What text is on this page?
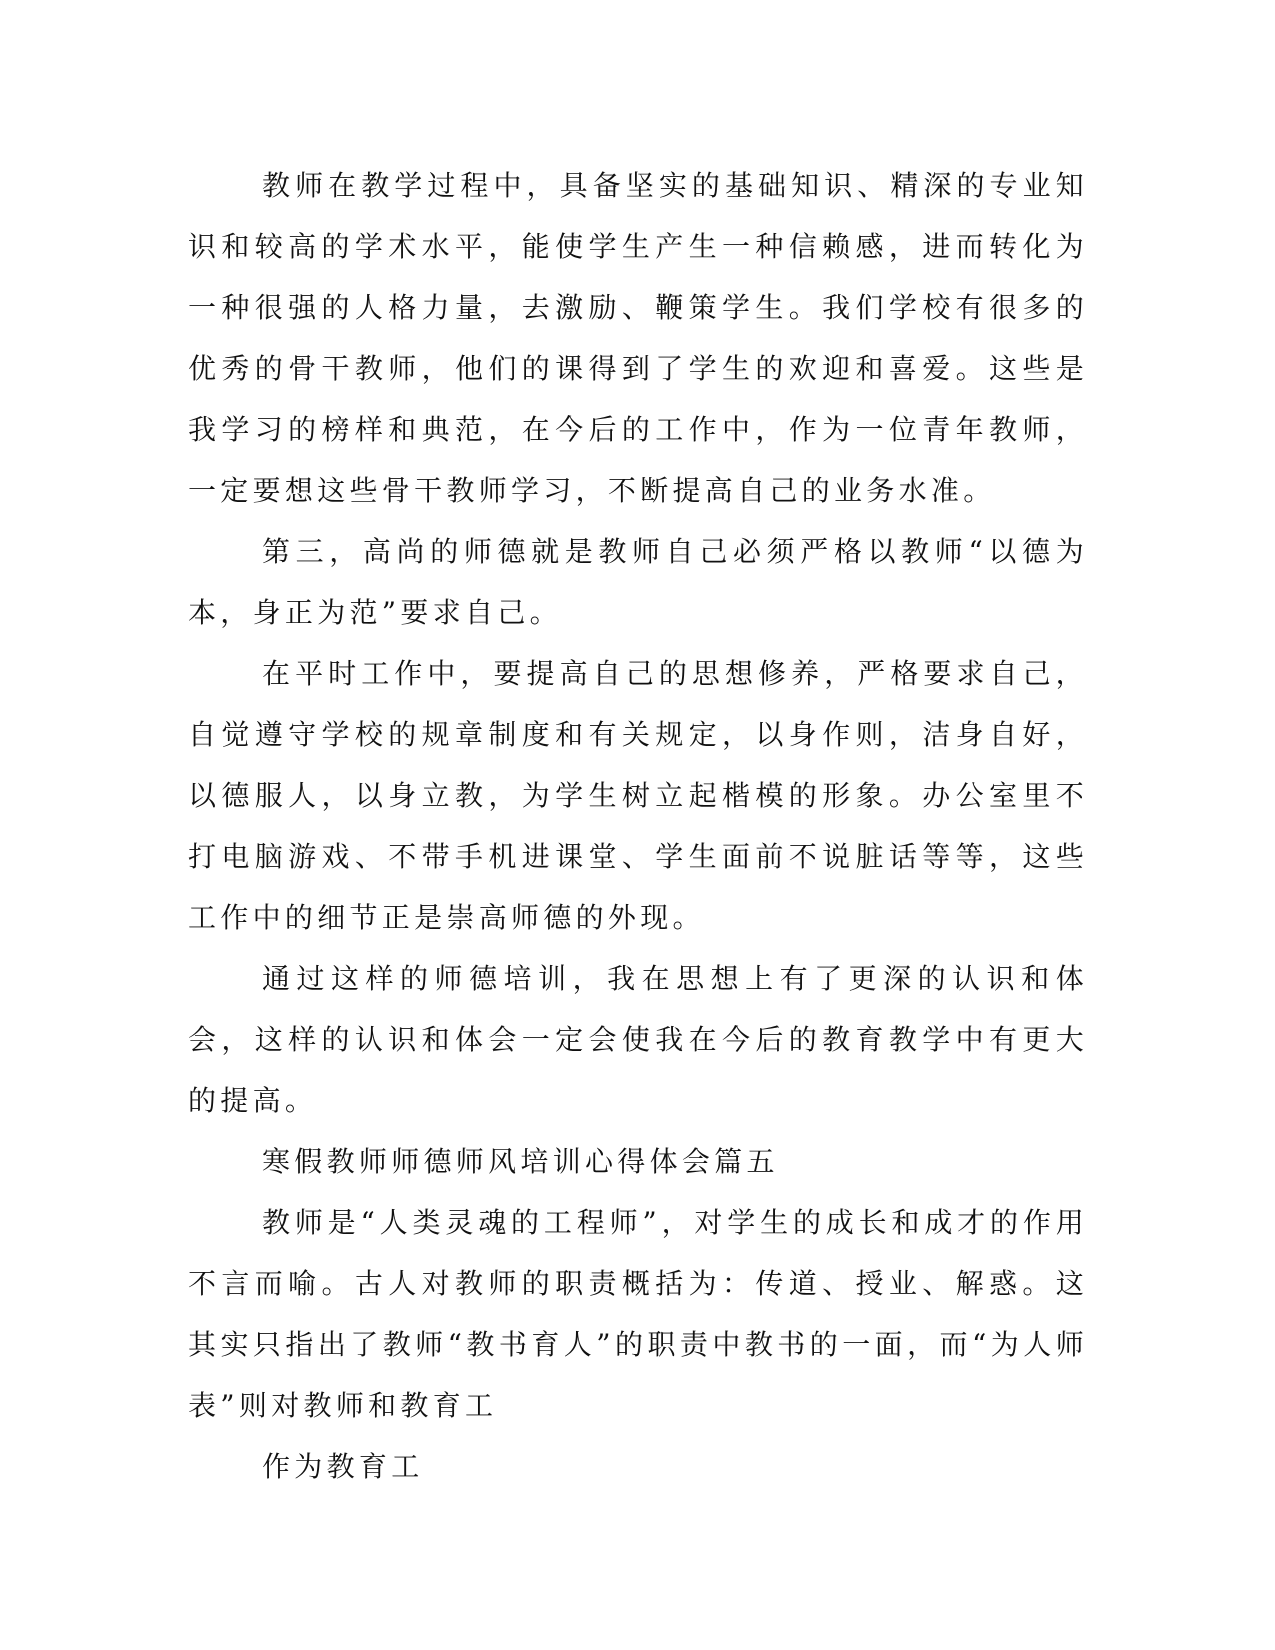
教师在教学过程中，具备坚实的基础知识、精深的专业知识和较高的学术水平，能使学生产生一种信赖感，进而转化为一种很强的人格力量，去激励、鞭策学生。我们学校有很多的优秀的骨干教师，他们的课得到了学生的欢迎和喜爱。这些是我学习的榜样和典范，在今后的工作中，作为一位青年教师，一定要想这些骨干教师学习，不断提高自己的业务水准。

第三，高尚的师德就是教师自己必须严格以教师“以德为本，身正为范”要求自己。

在平时工作中，要提高自己的思想修养，严格要求自己，自觉遵守学校的规章制度和有关规定，以身作则，洁身自好，以德服人，以身立教，为学生树立起楷模的形象。办公室里不打电脑游戏、不带手机进课堂、学生面前不说脏话等等，这些工作中的细节正是崇高师德的外现。

通过这样的师德培训，我在思想上有了更深的认识和体会，这样的认识和体会一定会使我在今后的教育教学中有更大的提高。

寒假教师师德师风培训心得体会篇五

教师是“人类灵魂的工程师”，对学生的成长和成才的作用不言而喻。古人对教师的职责概括为：传道、授业、解惑。这其实只指出了教师“教书育人”的职责中教书的一面，而“为人师表”则对教师和教育工

作为教育工
